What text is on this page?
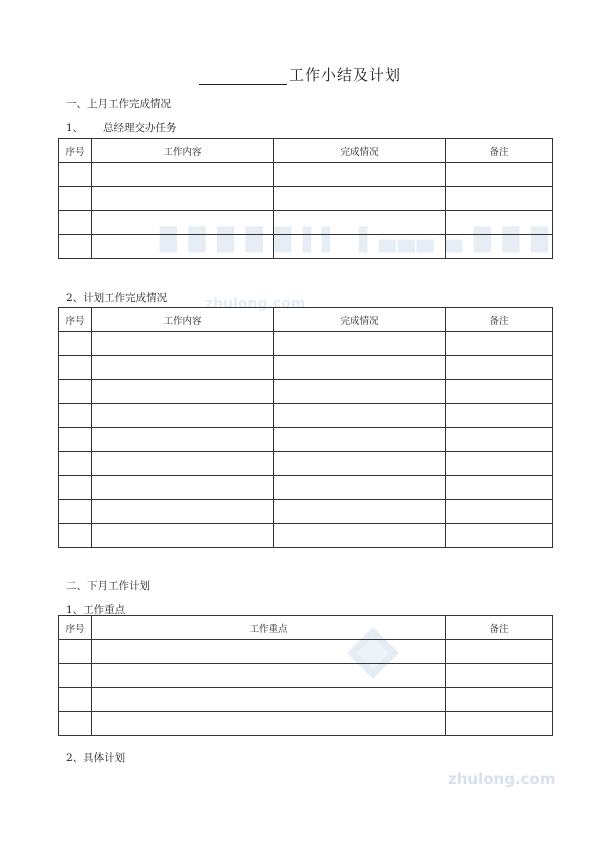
█ █ █ █ █ ▌▌ ▐ ▄▄▄ ▄ █ █ █
zhulong.com
zhulong.com
工作小结及计划
一、上月工作完成情况
1、 总经理交办任务
序号	工作内容	完成情况	备注

2、计划工作完成情况
序号	工作内容	完成情况	备注

二、下月工作计划
1、工作重点
序号	工作重点	备注

2、具体计划
